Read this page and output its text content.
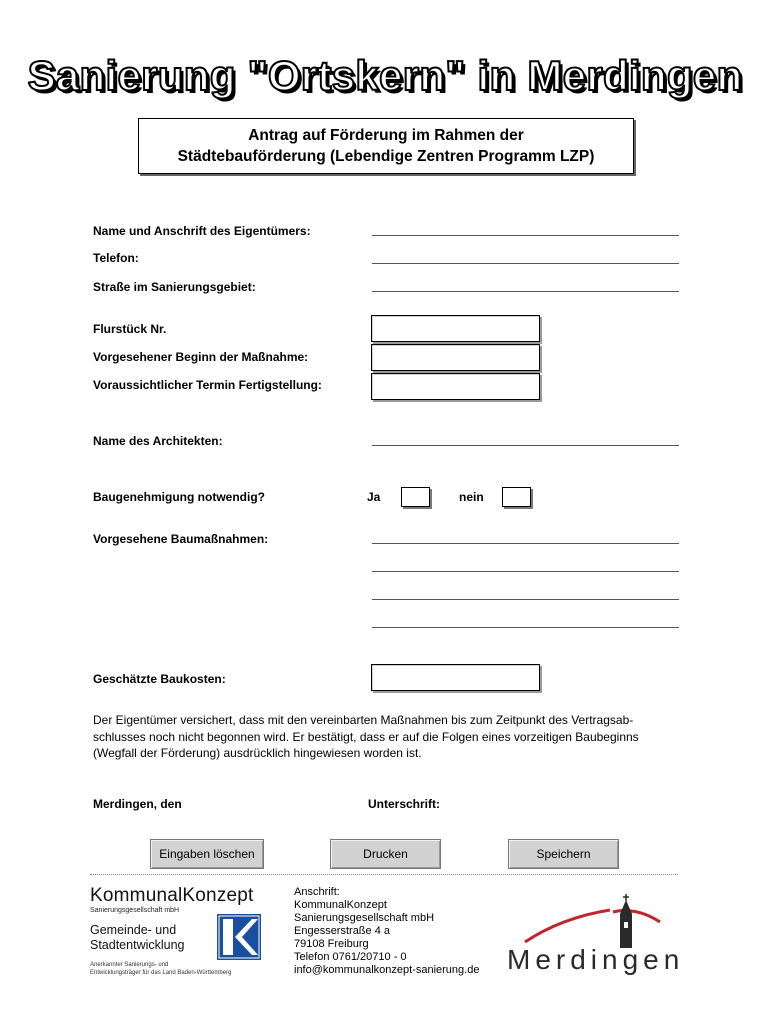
Sanierung "Ortskern" in Merdingen
Antrag auf Förderung im Rahmen der
Städtebauförderung (Lebendige Zentren Programm LZP)
Name und Anschrift des Eigentümers:
Telefon:
Straße im Sanierungsgebiet:
Flurstück Nr.
Vorgesehener Beginn der Maßnahme:
Voraussichtlicher Termin Fertigstellung:
Name des Architekten:
Baugenehmigung notwendig?	Ja	nein
Vorgesehene Baumaßnahmen:
Geschätzte Baukosten:
Der Eigentümer versichert, dass mit den vereinbarten Maßnahmen bis zum Zeitpunkt des Vertragsab-
schlusses noch nicht begonnen wird. Er bestätigt, dass er auf die Folgen eines vorzeitigen Baubeginns
(Wegfall der Förderung) ausdrücklich hingewiesen worden ist.
Merdingen, den	Unterschrift:
Eingaben löschen	Drucken	Speichern
KommunalKonzept
Sanierungsgesellschaft mbH
Gemeinde- und
Stadtentwicklung
Anerkannter Sanierungs- und
Entwicklungsträger für das Land Baden-Württemberg
Anschrift:
KommunalKonzept
Sanierungsgesellschaft mbH
Engesserstraße 4 a
79108 Freiburg
Telefon 0761/20710 - 0
info@kommunalkonzept-sanierung.de Merdingen
